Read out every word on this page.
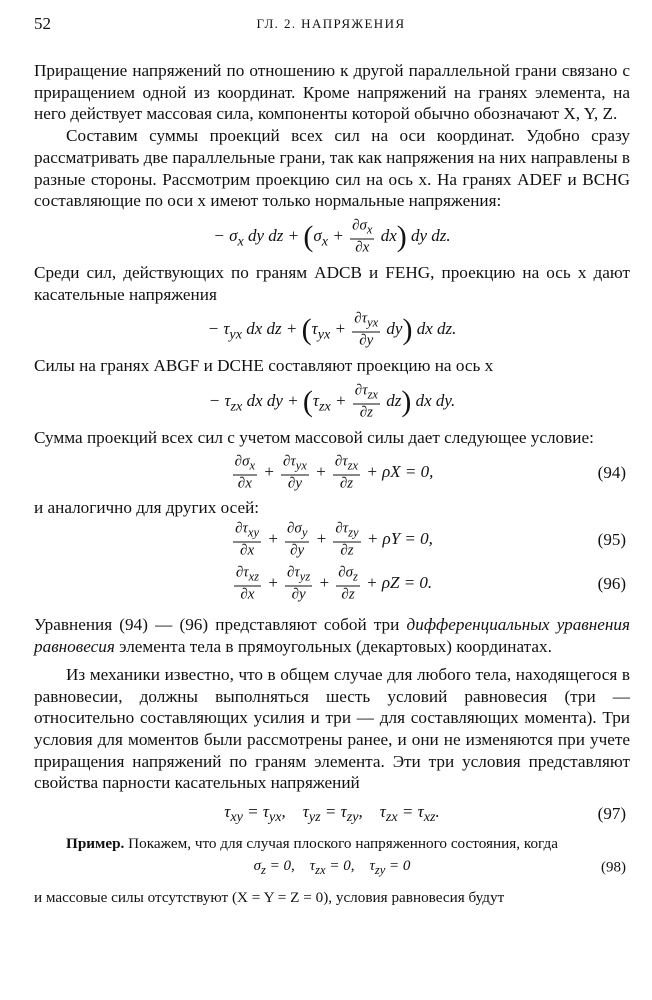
52	ГЛ. 2. НАПРЯЖЕНИЯ

Приращение напряжений по отношению к другой параллельной грани связано с приращением одной из координат. Кроме напряжений на гранях элемента, на него действует массовая сила, компоненты которой обычно обозначают X, Y, Z.

Составим суммы проекций всех сил на оси координат. Удобно сразу рассматривать две параллельные грани, так как напряжения на них направлены в разные стороны. Рассмотрим проекцию сил на ось x. На гранях ADEF и BCHG составляющие по оси x имеют только нормальные напряжения:

− $\sigma_x$ dy dz + $(\sigma_x + \frac{\partial\sigma_x}{\partial x} dx)$ dy dz.

Среди сил, действующих по граням ADCB и FEHG, проекцию на ось x дают касательные напряжения

− $\tau_{yx}$ dx dz + $(\tau_{yx} + \frac{\partial\tau_{yx}}{\partial y} dy)$ dx dz.

Силы на гранях ABGF и DCHE составляют проекцию на ось x

− $\tau_{zx}$ dx dy + $(\tau_{zx} + \frac{\partial\tau_{zx}}{\partial z} dz)$ dx dy.

Сумма проекций всех сил с учетом массовой силы дает следующее условие:

$\frac{\partial\sigma_x}{\partial x} + \frac{\partial\tau_{yx}}{\partial y} + \frac{\partial\tau_{zx}}{\partial z} + \rho X = 0$,	(94)

и аналогично для других осей:

$\frac{\partial\tau_{xy}}{\partial x} + \frac{\partial\sigma_y}{\partial y} + \frac{\partial\tau_{zy}}{\partial z} + \rho Y = 0$,	(95)
$\frac{\partial\tau_{xz}}{\partial x} + \frac{\partial\tau_{yz}}{\partial y} + \frac{\partial\sigma_z}{\partial z} + \rho Z = 0$.	(96)

Уравнения (94) — (96) представляют собой три дифференциальных уравнения равновесия элемента тела в прямоугольных (декартовых) координатах.

Из механики известно, что в общем случае для любого тела, находящегося в равновесии, должны выполняться шесть условий равновесия (три — относительно составляющих усилия и три — для составляющих момента). Три условия для моментов были рассмотрены ранее, и они не изменяются при учете приращения напряжений по граням элемента. Эти три условия представляют свойства парности касательных напряжений

$\tau_{xy} = \tau_{yx}$,    $\tau_{yz} = \tau_{zy}$,    $\tau_{zx} = \tau_{xz}$.	(97)

Пример. Покажем, что для случая плоского напряженного состояния, когда

$\sigma_z = 0$,    $\tau_{zx} = 0$,    $\tau_{zy} = 0$	(98)

и массовые силы отсутствуют (X = Y = Z = 0), условия равновесия будут
